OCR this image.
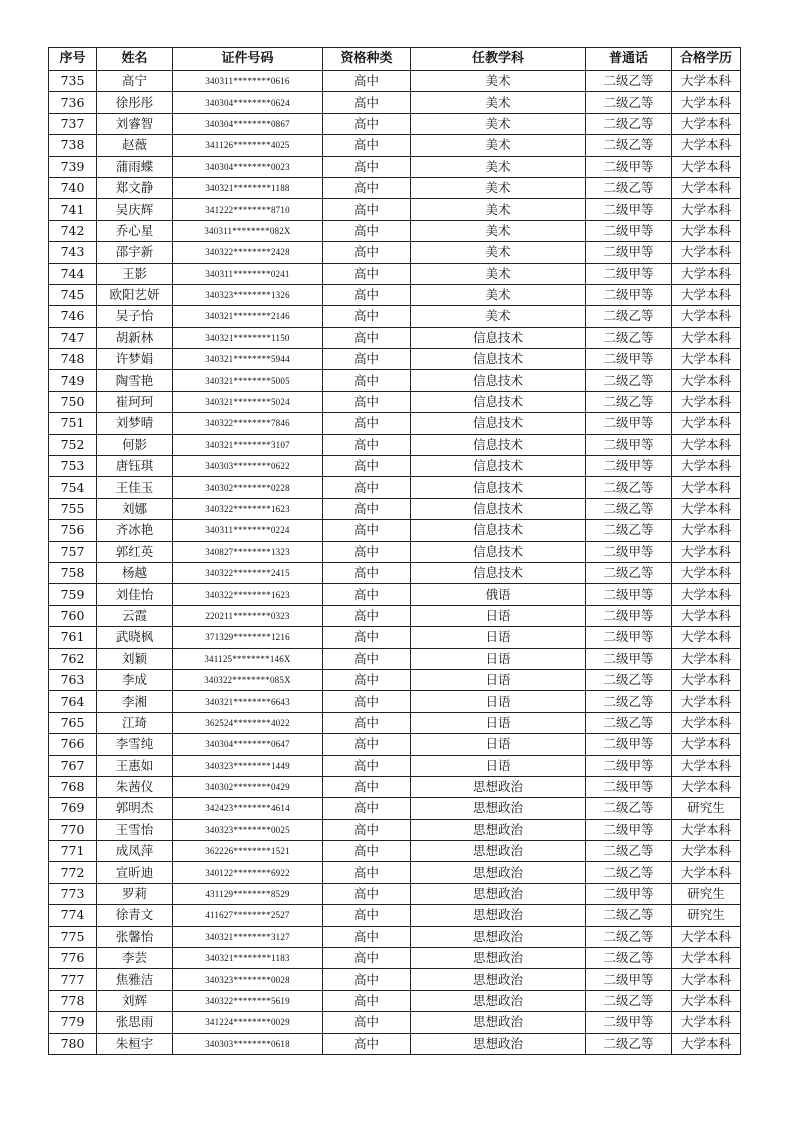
序号	姓名	证件号码	资格种类	任教学科	普通话	合格学历
735	高宁	340311********0616	高中	美术	二级乙等	大学本科
736	徐彤彤	340304********0624	高中	美术	二级乙等	大学本科
737	刘睿智	340304********0867	高中	美术	二级乙等	大学本科
738	赵薇	341126********4025	高中	美术	二级乙等	大学本科
739	蒲雨蝶	340304********0023	高中	美术	二级甲等	大学本科
740	郑文静	340321********1188	高中	美术	二级乙等	大学本科
741	吴庆辉	341222********8710	高中	美术	二级甲等	大学本科
742	乔心星	340311********082X	高中	美术	二级甲等	大学本科
743	邵宇新	340322********2428	高中	美术	二级甲等	大学本科
744	王影	340311********0241	高中	美术	二级甲等	大学本科
745	欧阳艺妍	340323********1326	高中	美术	二级甲等	大学本科
746	吴子怡	340321********2146	高中	美术	二级乙等	大学本科
747	胡新林	340321********1150	高中	信息技术	二级乙等	大学本科
748	许梦娟	340321********5944	高中	信息技术	二级甲等	大学本科
749	陶雪艳	340321********5005	高中	信息技术	二级乙等	大学本科
750	崔珂珂	340321********5024	高中	信息技术	二级乙等	大学本科
751	刘梦晴	340322********7846	高中	信息技术	二级甲等	大学本科
752	何影	340321********3107	高中	信息技术	二级甲等	大学本科
753	唐钰琪	340303********0622	高中	信息技术	二级甲等	大学本科
754	王佳玉	340302********0228	高中	信息技术	二级乙等	大学本科
755	刘娜	340322********1623	高中	信息技术	二级乙等	大学本科
756	齐冰艳	340311********0224	高中	信息技术	二级乙等	大学本科
757	郭红英	340827********1323	高中	信息技术	二级甲等	大学本科
758	杨越	340322********2415	高中	信息技术	二级乙等	大学本科
759	刘佳怡	340322********1623	高中	俄语	二级甲等	大学本科
760	云霞	220211********0323	高中	日语	二级甲等	大学本科
761	武晓枫	371329********1216	高中	日语	二级甲等	大学本科
762	刘颖	341125********146X	高中	日语	二级甲等	大学本科
763	李成	340322********085X	高中	日语	二级乙等	大学本科
764	李湘	340321********6643	高中	日语	二级乙等	大学本科
765	江琦	362524********4022	高中	日语	二级乙等	大学本科
766	李雪纯	340304********0647	高中	日语	二级甲等	大学本科
767	王惠如	340323********1449	高中	日语	二级甲等	大学本科
768	朱茜仪	340302********0429	高中	思想政治	二级甲等	大学本科
769	郭明杰	342423********4614	高中	思想政治	二级乙等	研究生
770	王雪怡	340323********0025	高中	思想政治	二级甲等	大学本科
771	成凤萍	362226********1521	高中	思想政治	二级乙等	大学本科
772	宣昕迪	340122********6922	高中	思想政治	二级乙等	大学本科
773	罗莉	431129********8529	高中	思想政治	二级甲等	研究生
774	徐青文	411627********2527	高中	思想政治	二级乙等	研究生
775	张馨怡	340321********3127	高中	思想政治	二级乙等	大学本科
776	李芸	340321********1183	高中	思想政治	二级乙等	大学本科
777	焦雅洁	340323********0028	高中	思想政治	二级甲等	大学本科
778	刘辉	340322********5619	高中	思想政治	二级乙等	大学本科
779	张思雨	341224********0029	高中	思想政治	二级甲等	大学本科
780	朱桓宇	340303********0618	高中	思想政治	二级乙等	大学本科
